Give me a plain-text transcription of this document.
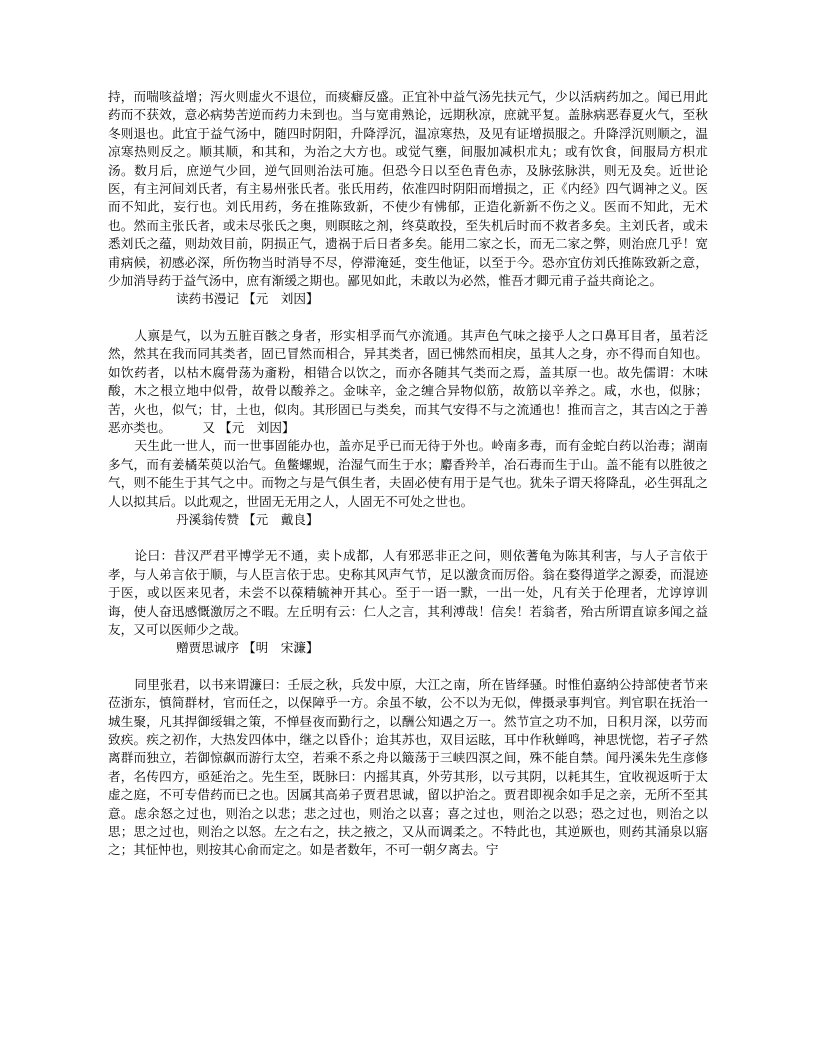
持，而喘咳益增；泻火则虚火不退位，而痰癖反盛。正宜补中益气汤先扶元气，少以活病药加之。闻已用此药而不获效，意必病势苦逆而药力未到也。当与宽甫熟论，远期秋凉，庶就平复。盖脉病恶春夏火气，至秋冬则退也。此宜于益气汤中，随四时阴阳，升降浮沉，温凉寒热，及见有证增损服之。升降浮沉则顺之，温凉寒热则反之。顺其顺，和其和，为治之大方也。或觉气壅，间服加减枳朮丸；或有饮食，间服局方枳朮汤。数月后，庶逆气少回，逆气回则治法可施。但恐今日以至色青色赤，及脉弦脉洪，则无及矣。近世论医，有主河间刘氏者，有主易州张氏者。张氏用药，依准四时阴阳而增损之，正《内经》四气调神之义。医而不知此，妄行也。刘氏用药，务在推陈致新，不使少有怫郁，正造化新新不伤之义。医而不知此，无术也。然而主张氏者，或未尽张氏之奥，则瞑眩之剂，终莫敢投，至失机后时而不救者多矣。主刘氏者，或未悉刘氏之蕴，则劫效目前，阴损正气，遗祸于后日者多矣。能用二家之长，而无二家之弊，则治庶几乎！宽甫病候，初感必深，所伤物当时消导不尽，停滞淹延，变生他证，以至于今。恐亦宜仿刘氏推陈致新之意，少加消导药于益气汤中，庶有渐缓之期也。鄙见如此，未敢以为必然，惟吾才卿元甫子益共商论之。

读药书漫记 【元　刘因】

人禀是气，以为五脏百骸之身者，形实相孚而气亦流通。其声色气味之接乎人之口鼻耳目者，虽若泛然，然其在我而同其类者，固已冒然而相合，异其类者，固已怫然而相戾，虽其人之身，亦不得而自知也。如饮药者，以枯木腐骨荡为齑粉，相错合以饮之，而亦各随其气类而之焉，盖其原一也。故先儒谓：木味酸，木之根立地中似骨，故骨以酸养之。金味辛，金之缠合异物似筋，故筋以辛养之。咸，水也，似脉；苦，火也，似气；甘，土也，似肉。其形固已与类矣，而其气安得不与之流通也！推而言之，其吉凶之于善恶亦类也。　　　又 【元　刘因】

天生此一世人，而一世事固能办也，盖亦足乎已而无待于外也。岭南多毒，而有金蛇白药以治毒；湖南多气，而有姜橘茱萸以治气。鱼鳖螺蚬，治湿气而生于水；麝香羚羊，冶石毒而生于山。盖不能有以胜彼之气，则不能生于其气之中。而物之与是气俱生者，夫固必使有用于是气也。犹朱子谓天将降乱，必生弭乱之人以拟其后。以此观之，世固无无用之人，人固无不可处之世也。

丹溪翁传赞 【元　戴良】

论曰：昔汉严君平博学无不通，卖卜成都，人有邪恶非正之问，则依蓍龟为陈其利害，与人子言依于孝，与人弟言依于顺，与人臣言依于忠。史称其风声气节，足以激贪而厉俗。翁在婺得道学之源委，而混迹于医，或以医来见者，未尝不以葆精毓神开其心。至于一语一默，一出一处，凡有关于伦理者，尤谆谆训诲，使人奋迅感慨激厉之不暇。左丘明有云：仁人之言，其利溥哉！信矣！若翁者，殆古所谓直谅多闻之益友，又可以医师少之哉。

赠贾思诚序 【明　宋濂】

同里张君，以书来谓濂曰：壬辰之秋，兵发中原，大江之南，所在皆绎骚。时惟伯嘉纳公持部使者节来莅浙东，慎简群材，官而任之，以保障乎一方。余虽不敏，公不以为无似，俾摄录事判官。判官职在抚治一城生聚，凡其捍御绥辑之策，不惮昼夜而勤行之，以酬公知遇之万一。然节宣之功不加，日积月深，以劳而致疾。疾之初作，大热发四体中，继之以昏仆；迨其苏也，双目运眩，耳中作秋蝉鸣，神思恍惚，若孑孑然离群而独立，若御惊飙而游行太空，若乘不系之舟以簸荡于三峡四溟之间，殊不能自禁。闻丹溪朱先生彦修者，名传四方，亟延治之。先生至，既脉曰：内摇其真，外劳其形，以亏其阴，以耗其生，宜收视返听于太虚之庭，不可专借药而已之也。因属其高弟子贾君思诚，留以护治之。贾君即视余如手足之亲，无所不至其意。虑余怒之过也，则治之以悲；悲之过也，则治之以喜；喜之过也，则治之以恐；恐之过也，则治之以思；思之过也，则治之以怒。左之右之，扶之掖之，又从而调柔之。不特此也，其逆厥也，则药其涌泉以寤之；其怔忡也，则按其心俞而定之。如是者数年，不可一朝夕离去。宁
